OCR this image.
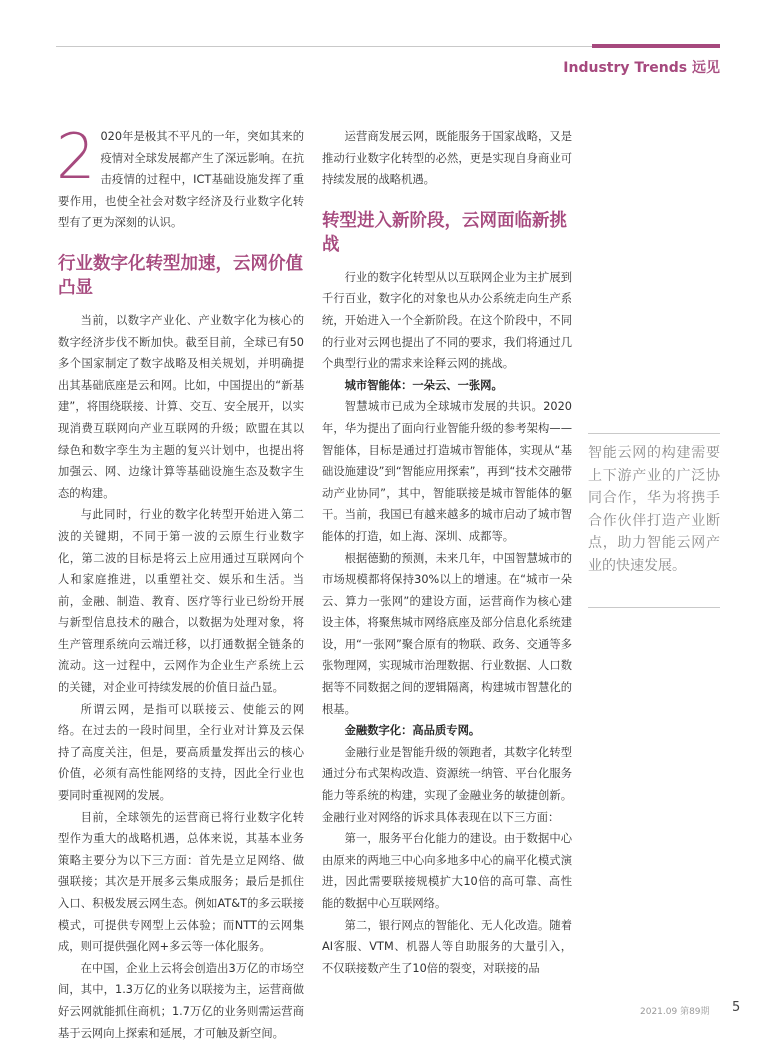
Industry Trends 远见

2 020年是极其不平凡的一年，突如其来的疫情对全球发展都产生了深远影响。在抗击疫情的过程中，ICT基础设施发挥了重要作用，也使全社会对数字经济及行业数字化转型有了更为深刻的认识。

行业数字化转型加速，云网价值凸显

当前，以数字产业化、产业数字化为核心的数字经济步伐不断加快。截至目前，全球已有50多个国家制定了数字战略及相关规划，并明确提出其基础底座是云和网。比如，中国提出的“新基建”，将围绕联接、计算、交互、安全展开，以实现消费互联网向产业互联网的升级；欧盟在其以绿色和数字孪生为主题的复兴计划中，也提出将加强云、网、边缘计算等基础设施生态及数字生态的构建。

与此同时，行业的数字化转型开始进入第二波的关键期，不同于第一波的云原生行业数字化，第二波的目标是将云上应用通过互联网向个人和家庭推进，以重塑社交、娱乐和生活。当前，金融、制造、教育、医疗等行业已纷纷开展与新型信息技术的融合，以数据为处理对象，将生产管理系统向云端迁移，以打通数据全链条的流动。这一过程中，云网作为企业生产系统上云的关键，对企业可持续发展的价值日益凸显。

所谓云网，是指可以联接云、使能云的网络。在过去的一段时间里，全行业对计算及云保持了高度关注，但是，要高质量发挥出云的核心价值，必须有高性能网络的支持，因此全行业也要同时重视网的发展。

目前，全球领先的运营商已将行业数字化转型作为重大的战略机遇，总体来说，其基本业务策略主要分为以下三方面：首先是立足网络、做强联接；其次是开展多云集成服务；最后是抓住入口、积极发展云网生态。例如AT&T的多云联接模式，可提供专网型上云体验；而NTT的云网集成，则可提供强化网+多云等一体化服务。

在中国，企业上云将会创造出3万亿的市场空间，其中，1.3万亿的业务以联接为主，运营商做好云网就能抓住商机；1.7万亿的业务则需运营商基于云网向上探索和延展，才可触及新空间。

运营商发展云网，既能服务于国家战略，又是推动行业数字化转型的必然，更是实现自身商业可持续发展的战略机遇。

转型进入新阶段，云网面临新挑战

行业的数字化转型从以互联网企业为主扩展到千行百业，数字化的对象也从办公系统走向生产系统，开始进入一个全新阶段。在这个阶段中，不同的行业对云网也提出了不同的要求，我们将通过几个典型行业的需求来诠释云网的挑战。

城市智能体：一朵云、一张网。

智慧城市已成为全球城市发展的共识。2020年，华为提出了面向行业智能升级的参考架构——智能体，目标是通过打造城市智能体，实现从“基础设施建设”到“智能应用探索”，再到“技术交融带动产业协同”，其中，智能联接是城市智能体的躯干。当前，我国已有越来越多的城市启动了城市智能体的打造，如上海、深圳、成都等。

根据德勤的预测，未来几年，中国智慧城市的市场规模都将保持30%以上的增速。在“城市一朵云、算力一张网”的建设方面，运营商作为核心建设主体，将聚焦城市网络底座及部分信息化系统建设，用“一张网”聚合原有的物联、政务、交通等多张物理网，实现城市治理数据、行业数据、人口数据等不同数据之间的逻辑隔离，构建城市智慧化的根基。

金融数字化：高品质专网。

金融行业是智能升级的领跑者，其数字化转型通过分布式架构改造、资源统一纳管、平台化服务能力等系统的构建，实现了金融业务的敏捷创新。金融行业对网络的诉求具体表现在以下三方面：

第一，服务平台化能力的建设。由于数据中心由原来的两地三中心向多地多中心的扁平化模式演进，因此需要联接规模扩大10倍的高可靠、高性能的数据中心互联网络。

第二，银行网点的智能化、无人化改造。随着AI客服、VTM、机器人等自助服务的大量引入，不仅联接数产生了10倍的裂变，对联接的品

智能云网的构建需要上下游产业的广泛协同合作，华为将携手合作伙伴打造产业断点，助力智能云网产业的快速发展。
2021.09 第89期 5
